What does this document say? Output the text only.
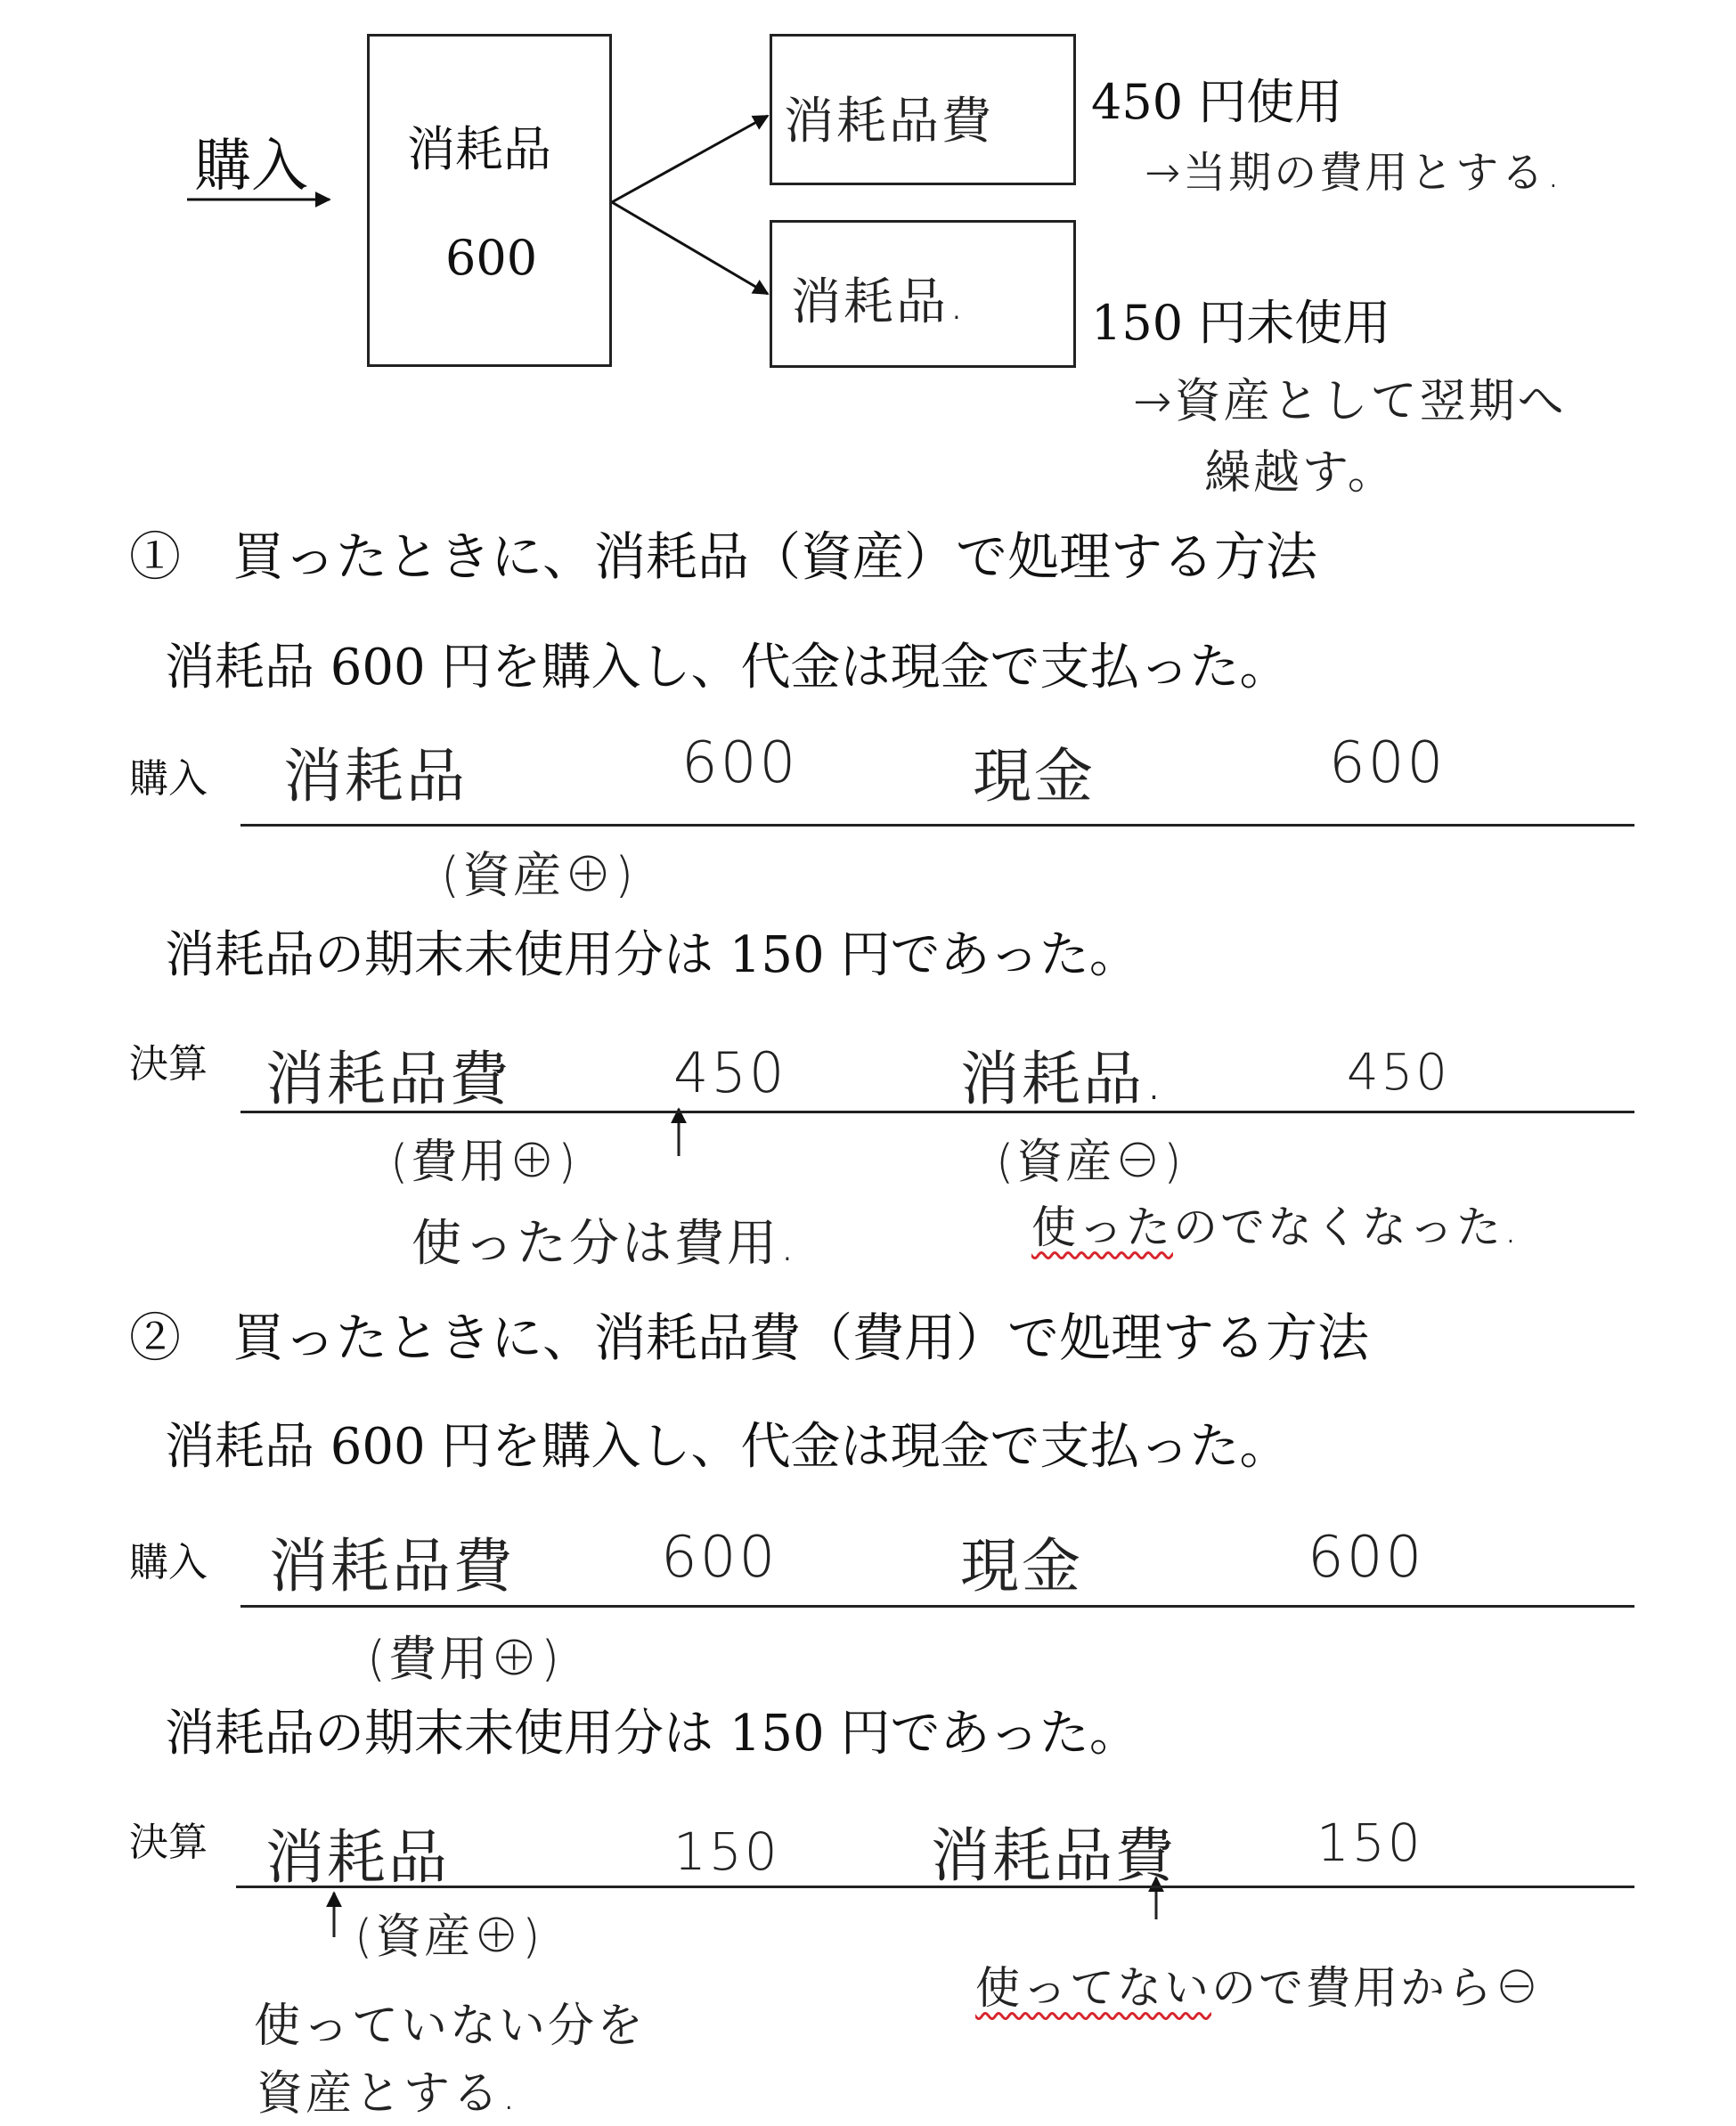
購入 消耗品
600
消耗品費
消耗品.
450 円使用
→当期の費用とする.
150 円未使用
→資産として翌期へ
繰越す。
①　買ったときに、消耗品（資産）で処理する方法
消耗品 600 円を購入し、代金は現金で支払った。
購入 消耗品	600	現金	600
(資産⊕)
消耗品の期末未使用分は 150 円であった。
決算 消耗品費	450	消耗品.	450
(費用⊕)	(資産⊖)
使った分は費用.	使ったのでなくなった.
②　買ったときに、消耗品費（費用）で処理する方法
消耗品 600 円を購入し、代金は現金で支払った。
購入 消耗品費	600	現金	600
(費用⊕)
消耗品の期末未使用分は 150 円であった。
決算 消耗品	150	消耗品費	150
(資産⊕)
使っていない分を
資産とする.
使ってないので費用から⊖
